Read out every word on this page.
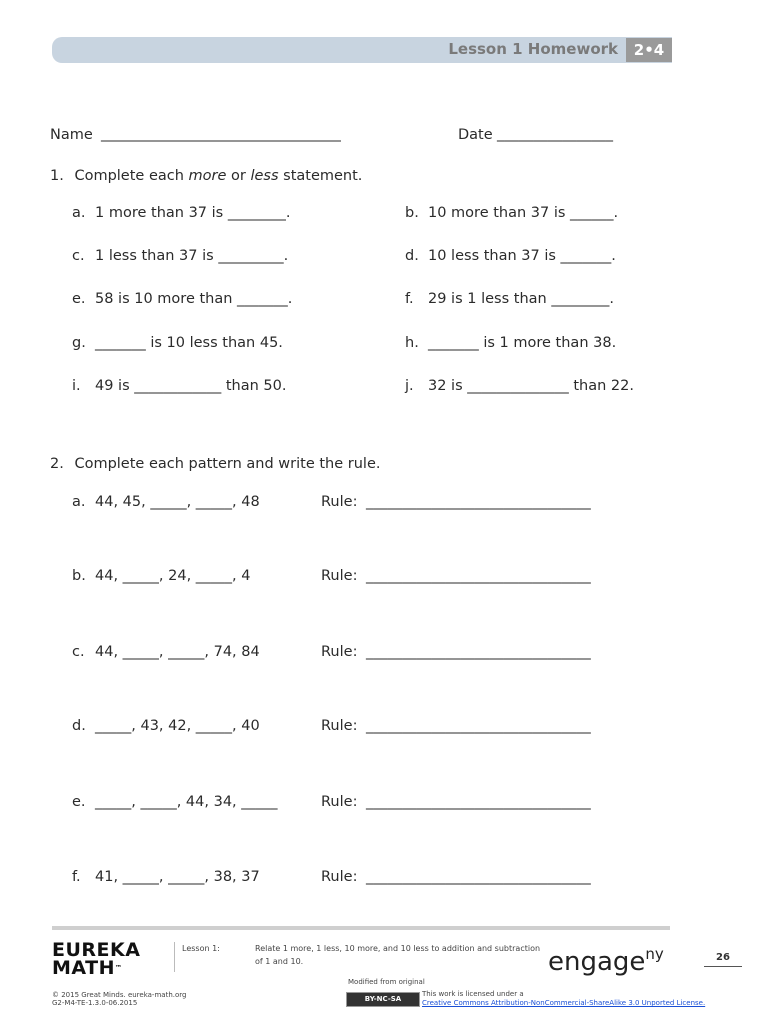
Lesson 1 Homework	2•4
Name __________________________________	Date ________________
1. Complete each more or less statement.
a. 1 more than 37 is ________.	b. 10 more than 37 is ______.
c. 1 less than 37 is _________.	d. 10 less than 37 is _______.
e. 58 is 10 more than _______.	f. 29 is 1 less than ________.
g. _______ is 10 less than 45.	h. _______ is 1 more than 38.
i. 49 is ____________ than 50.	j. 32 is ______________ than 22.
2. Complete each pattern and write the rule.
a. 44, 45, _____, _____, 48	Rule: _______________________________
b. 44, _____, 24, _____, 4	Rule: _______________________________
c. 44, _____, _____, 74, 84	Rule: _______________________________
d. _____, 43, 42, _____, 40	Rule: _______________________________
e. _____, _____, 44, 34, _____	Rule: _______________________________
f. 41, _____, _____, 38, 37	Rule: _______________________________
EUREKA
MATH™
Lesson 1:	Relate 1 more, 1 less, 10 more, and 10 less to addition and subtraction
of 1 and 10.	engage$^{ny}$	26
Modified from original
BY-NC-SA
This work is licensed under a
Creative Commons Attribution-NonCommercial-ShareAlike 3.0 Unported License.
© 2015 Great Minds. eureka-math.org
G2-M4-TE-1.3.0-06.2015
